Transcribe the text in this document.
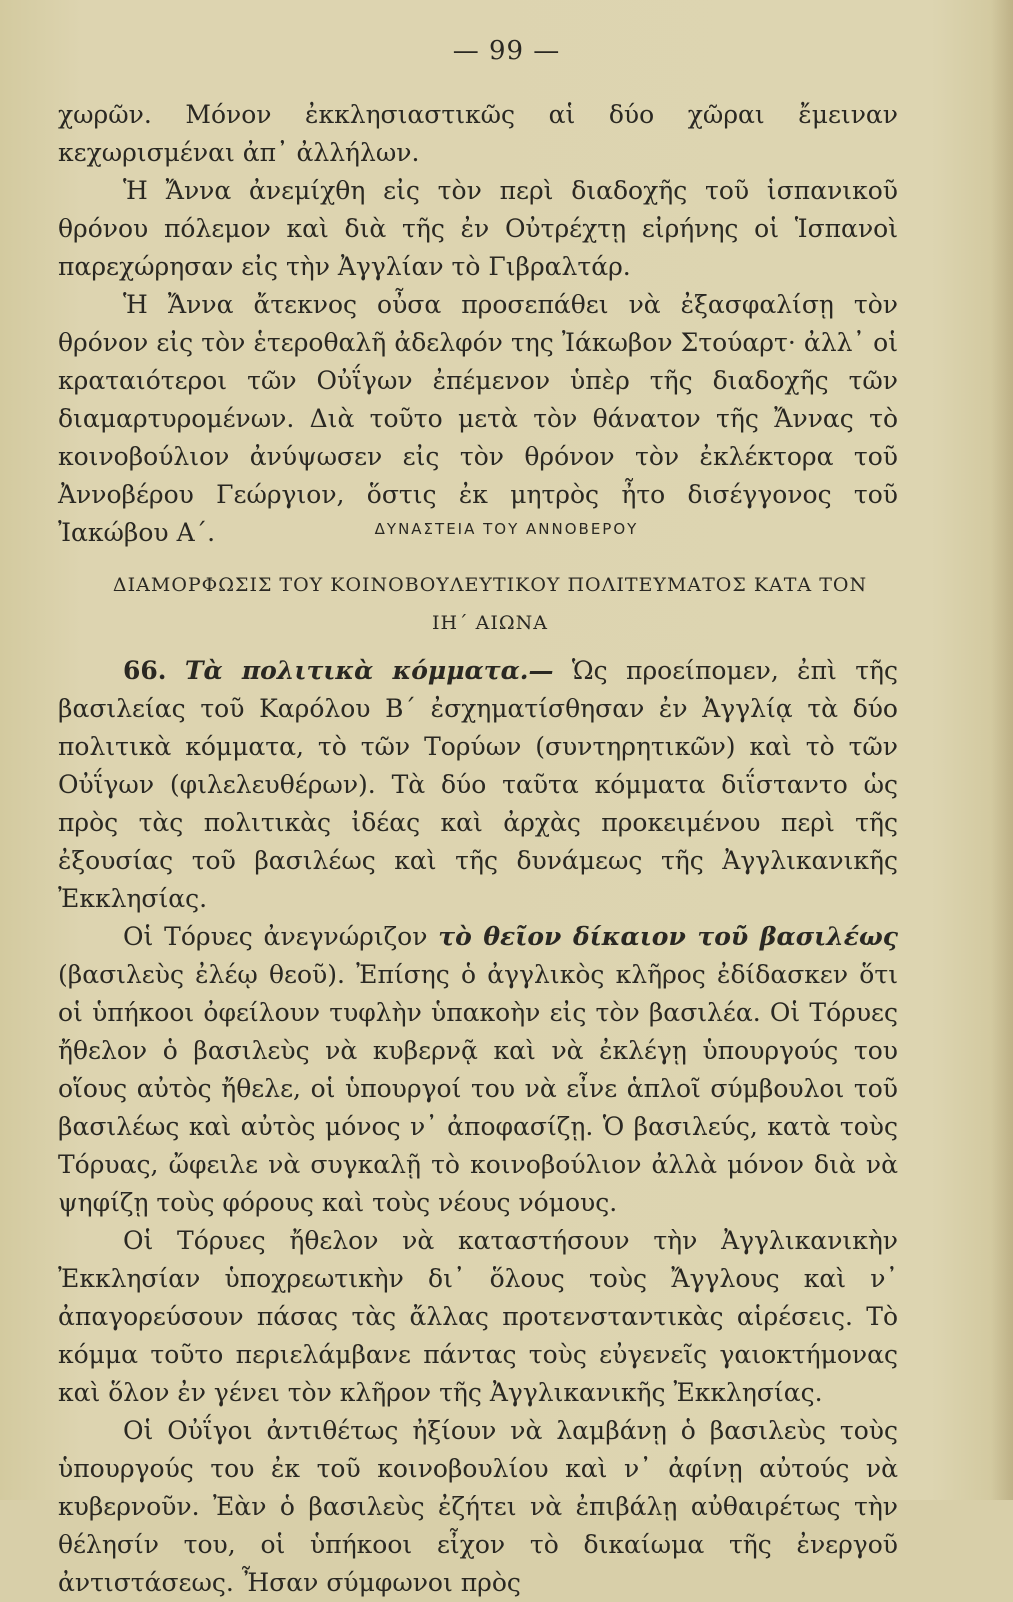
— 99 —

χωρῶν. Μόνον ἐκκλησιαστικῶς αἱ δύο χῶραι ἔμειναν κεχωρισμέναι ἀπ᾿ ἀλλήλων.

Ἡ Ἄννα ἀνεμίχθη εἰς τὸν περὶ διαδοχῆς τοῦ ἱσπανικοῦ θρόνου πόλεμον καὶ διὰ τῆς ἐν Οὐτρέχτῃ εἰρήνης οἱ Ἱσπανοὶ παρεχώρησαν εἰς τὴν Ἀγγλίαν τὸ Γιβραλτάρ.

Ἡ Ἄννα ἄτεκνος οὖσα προσεπάθει νὰ ἐξασφαλίσῃ τὸν θρόνον εἰς τὸν ἑτεροθαλῆ ἀδελφόν της Ἰάκωβον Στούαρτ· ἀλλ᾿ οἱ κραταιότεροι τῶν Οὐΐγων ἐπέμενον ὑπὲρ τῆς διαδοχῆς τῶν διαμαρτυρομένων. Διὰ τοῦτο μετὰ τὸν θάνατον τῆς Ἄννας τὸ κοινοβούλιον ἀνύψωσεν εἰς τὸν θρόνον τὸν ἐκλέκτορα τοῦ Ἀννοβέρου Γεώργιον, ὅστις ἐκ μητρὸς ἦτο δισέγγονος τοῦ Ἰακώβου Α΄.	ΔΥΝΑΣΤΕΙΑ ΤΟΥ ΑΝΝΟΒΕΡΟΥ
ΔΙΑΜΟΡΦΩΣΙΣ ΤΟΥ ΚΟΙΝΟΒΟΥΛΕΥΤΙΚΟΥ ΠΟΛΙΤΕΥΜΑΤΟΣ ΚΑΤΑ ΤΟΝ
ΙΗ΄ ΑΙΩΝΑ

66. Τὰ πολιτικὰ κόμματα.— Ὡς προείπομεν, ἐπὶ τῆς βασιλείας τοῦ Καρόλου Β΄ ἐσχηματίσθησαν ἐν Ἀγγλίᾳ τὰ δύο πολιτικὰ κόμματα, τὸ τῶν Τορύων (συντηρητικῶν) καὶ τὸ τῶν Οὐΐγων (φιλελευθέρων). Τὰ δύο ταῦτα κόμματα διΐσταντο ὡς πρὸς τὰς πολιτικὰς ἰδέας καὶ ἀρχὰς προκειμένου περὶ τῆς ἐξουσίας τοῦ βασιλέως καὶ τῆς δυνάμεως τῆς Ἀγγλικανικῆς Ἐκκλησίας.

Οἱ Τόρυες ἀνεγνώριζον τὸ θεῖον δίκαιον τοῦ βασιλέως (βασιλεὺς ἐλέῳ θεοῦ). Ἐπίσης ὁ ἀγγλικὸς κλῆρος ἐδίδασκεν ὅτι οἱ ὑπήκοοι ὀφείλουν τυφλὴν ὑπακοὴν εἰς τὸν βασιλέα. Οἱ Τόρυες ἤθελον ὁ βασιλεὺς νὰ κυβερνᾷ καὶ νὰ ἐκλέγῃ ὑπουργούς του οἵους αὐτὸς ἤθελε, οἱ ὑπουργοί του νὰ εἶνε ἁπλοῖ σύμβουλοι τοῦ βασιλέως καὶ αὐτὸς μόνος ν᾿ ἀποφασίζῃ. Ὁ βασιλεύς, κατὰ τοὺς Τόρυας, ὤφειλε νὰ συγκαλῇ τὸ κοινοβούλιον ἀλλὰ μόνον διὰ νὰ ψηφίζῃ τοὺς φόρους καὶ τοὺς νέους νόμους.

Οἱ Τόρυες ἤθελον νὰ καταστήσουν τὴν Ἀγγλικανικὴν Ἐκκλησίαν ὑποχρεωτικὴν δι᾿ ὅλους τοὺς Ἄγγλους καὶ ν᾿ ἀπαγορεύσουν πάσας τὰς ἄλλας προτενσταντικὰς αἱρέσεις. Τὸ κόμμα τοῦτο περιελάμβανε πάντας τοὺς εὐγενεῖς γαιοκτήμονας καὶ ὅλον ἐν γένει τὸν κλῆρον τῆς Ἀγγλικανικῆς Ἐκκλησίας.

Οἱ Οὐΐγοι ἀντιθέτως ἠξίουν νὰ λαμβάνῃ ὁ βασιλεὺς τοὺς ὑπουργούς του ἐκ τοῦ κοινοβουλίου καὶ ν᾿ ἀφίνῃ αὐτούς νὰ κυβερνοῦν. Ἐὰν ὁ βασιλεὺς ἐζήτει νὰ ἐπιβάλῃ αὐθαιρέτως τὴν θέλησίν του, οἱ ὑπήκοοι εἶχον τὸ δικαίωμα τῆς ἐνεργοῦ ἀντιστάσεως. Ἦσαν σύμφωνοι πρὸς
